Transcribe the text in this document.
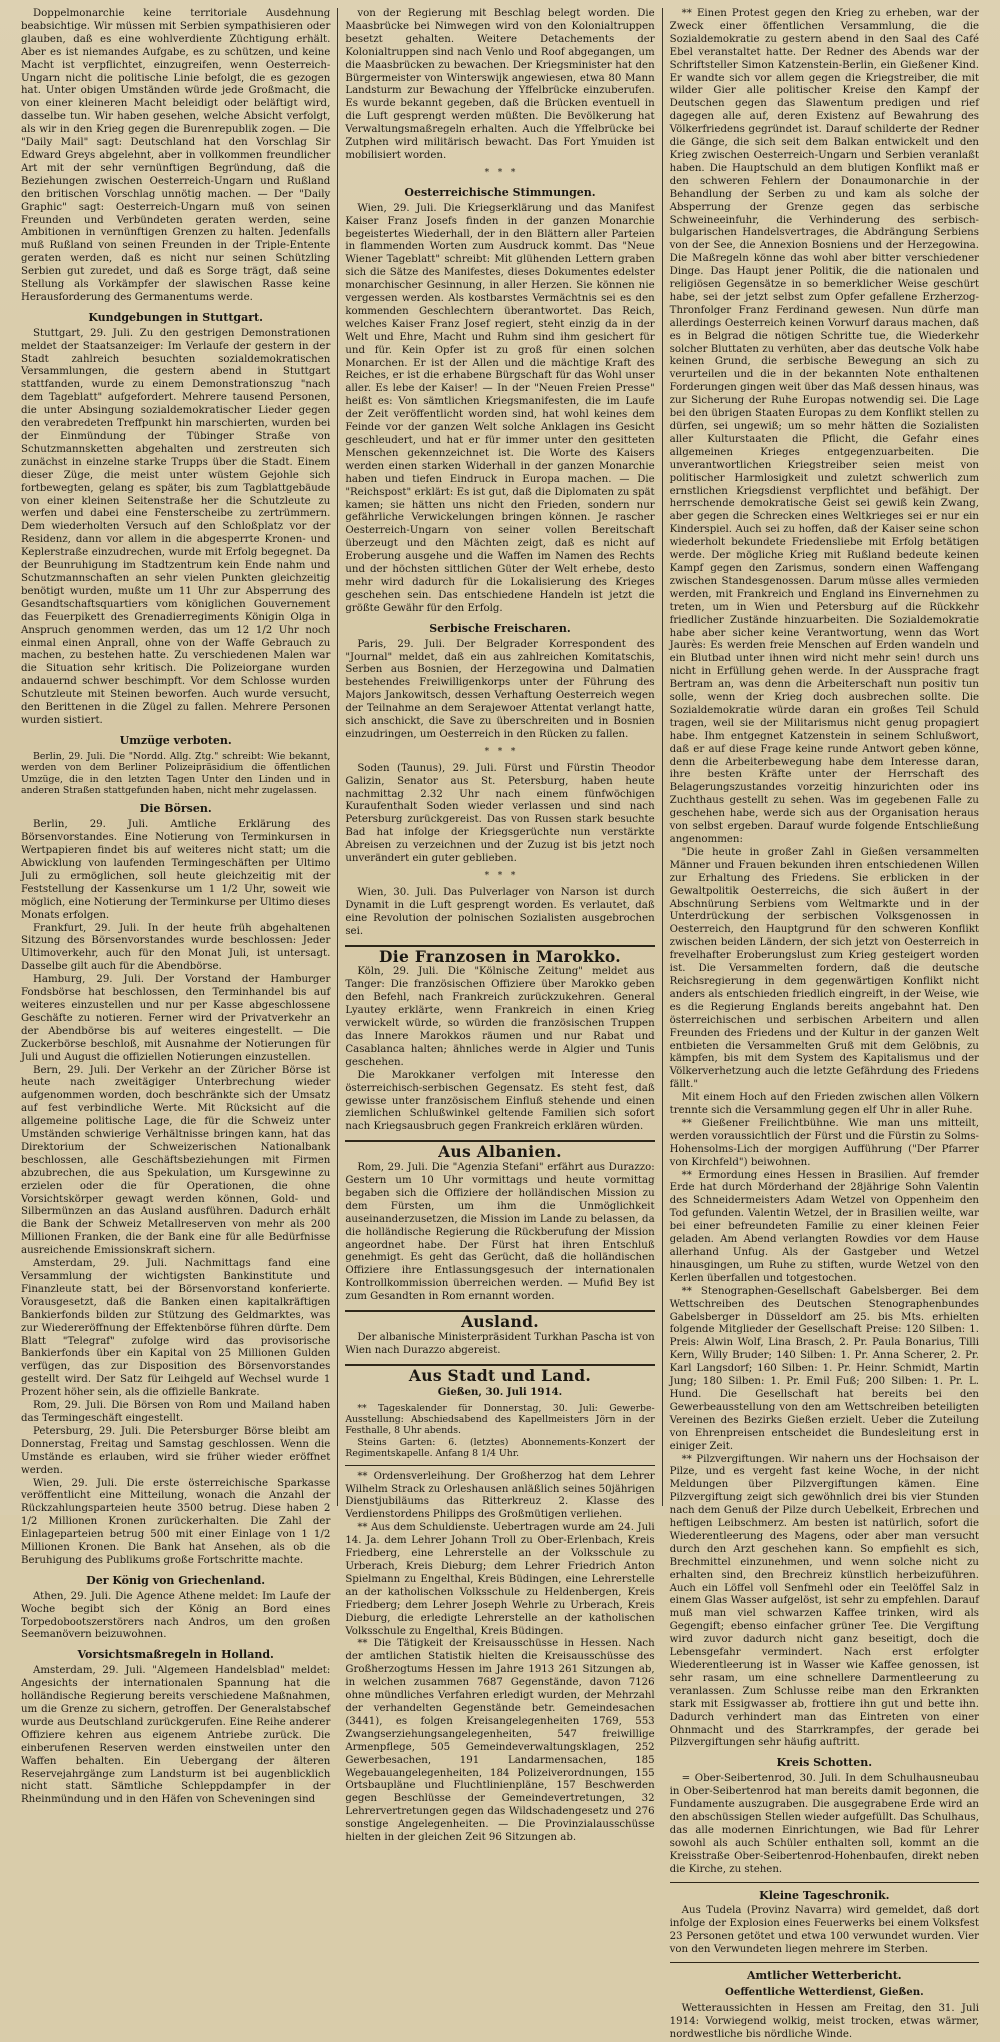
Doppelmonarchie keine territoriale Ausdehnung beabsichtige. Wir müssen mit Serbien sympathisieren oder glauben, daß es eine wohlverdiente Züchtigung erhält. Aber es ist niemandes Aufgabe, es zu schützen, und keine Macht ist verpflichtet, einzugreifen, wenn Oesterreich-Ungarn nicht die politische Linie befolgt, die es gezogen hat. Unter obigen Umständen würde jede Großmacht, die von einer kleineren Macht beleidigt oder beläftigt wird, dasselbe tun. Wir haben gesehen, welche Absicht verfolgt, als wir in den Krieg gegen die Burenrepublik zogen. — Die "Daily Mail" sagt: Deutschland hat den Vorschlag Sir Edward Greys abgelehnt, aber in vollkommen freundlicher Art mit der sehr vernünftigen Begründung, daß die Beziehungen zwischen Oesterreich-Ungarn und Rußland den britischen Vorschlag unnötig machen. — Der "Daily Graphic" sagt: Oesterreich-Ungarn muß von seinen Freunden und Verbündeten geraten werden, seine Ambitionen in vernünftigen Grenzen zu halten. Jedenfalls muß Rußland von seinen Freunden in der Triple-Entente geraten werden, daß es nicht nur seinen Schützling Serbien gut zuredet, und daß es Sorge trägt, daß seine Stellung als Vorkämpfer der slawischen Rasse keine Herausforderung des Germanentums werde.

Kundgebungen in Stuttgart.

Stuttgart, 29. Juli. Zu den gestrigen Demonstrationen meldet der Staatsanzeiger: Im Verlaufe der gestern in der Stadt zahlreich besuchten sozialdemokratischen Versammlungen, die gestern abend in Stuttgart stattfanden, wurde zu einem Demonstrationszug "nach dem Tageblatt" aufgefordert. Mehrere tausend Personen, die unter Absingung sozialdemokratischer Lieder gegen den verabredeten Treffpunkt hin marschierten, wurden bei der Einmündung der Tübinger Straße von Schutzmannsketten abgehalten und zerstreuten sich zunächst in einzelne starke Trupps über die Stadt. Einem dieser Züge, die meist unter wüstem Gejohle sich fortbewegten, gelang es später, bis zum Tagblattgebäude von einer kleinen Seitenstraße her die Schutzleute zu werfen und dabei eine Fensterscheibe zu zertrümmern. Dem wiederholten Versuch auf den Schloßplatz vor der Residenz, dann vor allem in die abgesperrte Kronen- und Keplerstraße einzudrechen, wurde mit Erfolg begegnet. Da der Beunruhigung im Stadtzentrum kein Ende nahm und Schutzmannschaften an sehr vielen Punkten gleichzeitig benötigt wurden, mußte um 11 Uhr zur Absperrung des Gesandtschaftsquartiers vom königlichen Gouvernement das Feuerpikett des Grenadierregiments Königin Olga in Anspruch genommen werden, das um 12 1/2 Uhr noch einmal einen Anprall, ohne von der Waffe Gebrauch zu machen, zu bestehen hatte. Zu verschiedenen Malen war die Situation sehr kritisch. Die Polizeiorgane wurden andauernd schwer beschimpft. Vor dem Schlosse wurden Schutzleute mit Steinen beworfen. Auch wurde versucht, den Berittenen in die Zügel zu fallen. Mehrere Personen wurden sistiert.

Umzüge verboten.

Berlin, 29. Juli. Die "Nordd. Allg. Ztg." schreibt: Wie bekannt, werden von dem Berliner Polizeipräsidium die öffentlichen Umzüge, die in den letzten Tagen Unter den Linden und in anderen Straßen stattgefunden haben, nicht mehr zugelassen.

Die Börsen.

Berlin, 29. Juli. Amtliche Erklärung des Börsenvorstandes. Eine Notierung von Terminkursen in Wertpapieren findet bis auf weiteres nicht statt; um die Abwicklung von laufenden Termingeschäften per Ultimo Juli zu ermöglichen, soll heute gleichzeitig mit der Feststellung der Kassenkurse um 1 1/2 Uhr, soweit wie möglich, eine Notierung der Terminkurse per Ultimo dieses Monats erfolgen.

Frankfurt, 29. Juli. In der heute früh abgehaltenen Sitzung des Börsenvorstandes wurde beschlossen: Jeder Ultimoverkehr, auch für den Monat Juli, ist untersagt. Dasselbe gilt auch für die Abendbörse.

Hamburg, 29. Juli. Der Vorstand der Hamburger Fondsbörse hat beschlossen, den Terminhandel bis auf weiteres einzustellen und nur per Kasse abgeschlossene Geschäfte zu notieren. Ferner wird der Privatverkehr an der Abendbörse bis auf weiteres eingestellt. — Die Zuckerbörse beschloß, mit Ausnahme der Notierungen für Juli und August die offiziellen Notierungen einzustellen.

Bern, 29. Juli. Der Verkehr an der Züricher Börse ist heute nach zweitägiger Unterbrechung wieder aufgenommen worden, doch beschränkte sich der Umsatz auf fest verbindliche Werte. Mit Rücksicht auf die allgemeine politische Lage, die für die Schweiz unter Umständen schwierige Verhältnisse bringen kann, hat das Direktorium der Schweizerischen Nationalbank beschlossen, alle Geschäftsbeziehungen mit Firmen abzubrechen, die aus Spekulation, um Kursgewinne zu erzielen oder die für Operationen, die ohne Vorsichtskörper gewagt werden können, Gold- und Silbermünzen an das Ausland ausführen. Dadurch erhält die Bank der Schweiz Metallreserven von mehr als 200 Millionen Franken, die der Bank eine für alle Bedürfnisse ausreichende Emissionskraft sichern.

Amsterdam, 29. Juli. Nachmittags fand eine Versammlung der wichtigsten Bankinstitute und Finanzleute statt, bei der Börsenvorstand konferierte. Vorausgesetzt, daß die Banken einen kapitalkräftigen Bankierfonds bilden zur Stützung des Geldmarktes, was zur Wiedereröffnung der Effektenbörse führen dürfte. Dem Blatt "Telegraf" zufolge wird das provisorische Bankierfonds über ein Kapital von 25 Millionen Gulden verfügen, das zur Disposition des Börsenvorstandes gestellt wird. Der Satz für Leihgeld auf Wechsel wurde 1 Prozent höher sein, als die offizielle Bankrate.

Rom, 29. Juli. Die Börsen von Rom und Mailand haben das Termingeschäft eingestellt.

Petersburg, 29. Juli. Die Petersburger Börse bleibt am Donnerstag, Freitag und Samstag geschlossen. Wenn die Umstände es erlauben, wird sie früher wieder eröffnet werden.

Wien, 29. Juli. Die erste österreichische Sparkasse veröffentlicht eine Mitteilung, wonach die Anzahl der Rückzahlungsparteien heute 3500 betrug. Diese haben 2 1/2 Millionen Kronen zurückerhalten. Die Zahl der Einlageparteien betrug 500 mit einer Einlage von 1 1/2 Millionen Kronen. Die Bank hat Ansehen, als ob die Beruhigung des Publikums große Fortschritte machte.

Der König von Griechenland.

Athen, 29. Juli. Die Agence Athene meldet: Im Laufe der Woche begibt sich der König an Bord eines Torpedobootszerstörers nach Andros, um den großen Seemanövern beizuwohnen.

Vorsichtsmaßregeln in Holland.

Amsterdam, 29. Juli. "Algemeen Handelsblad" meldet: Angesichts der internationalen Spannung hat die holländische Regierung bereits verschiedene Maßnahmen, um die Grenze zu sichern, getroffen. Der Generalstabschef wurde aus Deutschland zurückgerufen. Eine Reihe anderer Offiziere kehren aus eigenem Antriebe zurück. Die einberufenen Reserven werden einstweilen unter den Waffen behalten. Ein Uebergang der älteren Reservejahrgänge zum Landsturm ist bei augenblicklich nicht statt. Sämtliche Schleppdampfer in der Rheinmündung und in den Häfen von Scheveningen sind

von der Regierung mit Beschlag belegt worden. Die Maasbrücke bei Nimwegen wird von den Kolonialtruppen besetzt gehalten. Weitere Detachements der Kolonialtruppen sind nach Venlo und Roof abgegangen, um die Maasbrücken zu bewachen. Der Kriegsminister hat den Bürgermeister von Winterswijk angewiesen, etwa 80 Mann Landsturm zur Bewachung der Yffelbrücke einzuberufen. Es wurde bekannt gegeben, daß die Brücken eventuell in die Luft gesprengt werden müßten. Die Bevölkerung hat Verwaltungsmaßregeln erhalten. Auch die Yffelbrücke bei Zutphen wird militärisch bewacht. Das Fort Ymuiden ist mobilisiert worden.

*   *   *
Oesterreichische Stimmungen.

Wien, 29. Juli. Die Kriegserklärung und das Manifest Kaiser Franz Josefs finden in der ganzen Monarchie begeistertes Wiederhall, der in den Blättern aller Parteien in flammenden Worten zum Ausdruck kommt. Das "Neue Wiener Tageblatt" schreibt: Mit glühenden Lettern graben sich die Sätze des Manifestes, dieses Dokumentes edelster monarchischer Gesinnung, in aller Herzen. Sie können nie vergessen werden. Als kostbarstes Vermächtnis sei es den kommenden Geschlechtern überantwortet. Das Reich, welches Kaiser Franz Josef regiert, steht einzig da in der Welt und Ehre, Macht und Ruhm sind ihm gesichert für und für. Kein Opfer ist zu groß für einen solchen Monarchen. Er ist der Allen und die mächtige Kraft des Reiches, er ist die erhabene Bürgschaft für das Wohl unser aller. Es lebe der Kaiser! — In der "Neuen Freien Presse" heißt es: Von sämtlichen Kriegsmanifesten, die im Laufe der Zeit veröffentlicht worden sind, hat wohl keines dem Feinde vor der ganzen Welt solche Anklagen ins Gesicht geschleudert, und hat er für immer unter den gesitteten Menschen gekennzeichnet ist. Die Worte des Kaisers werden einen starken Widerhall in der ganzen Monarchie haben und tiefen Eindruck in Europa machen. — Die "Reichspost" erklärt: Es ist gut, daß die Diplomaten zu spät kamen; sie hätten uns nicht den Frieden, sondern nur gefährliche Verwickelungen bringen können. Je rascher Oesterreich-Ungarn von seiner vollen Bereitschaft überzeugt und den Mächten zeigt, daß es nicht auf Eroberung ausgehe und die Waffen im Namen des Rechts und der höchsten sittlichen Güter der Welt erhebe, desto mehr wird dadurch für die Lokalisierung des Krieges geschehen sein. Das entschiedene Handeln ist jetzt die größte Gewähr für den Erfolg.

Serbische Freischaren.

Paris, 29. Juli. Der Belgrader Korrespondent des "Journal" meldet, daß ein aus zahlreichen Komitatschis, Serben aus Bosnien, der Herzegowina und Dalmatien bestehendes Freiwilligenkorps unter der Führung des Majors Jankowitsch, dessen Verhaftung Oesterreich wegen der Teilnahme an dem Serajewoer Attentat verlangt hatte, sich anschickt, die Save zu überschreiten und in Bosnien einzudringen, um Oesterreich in den Rücken zu fallen.

*   *   *

Soden (Taunus), 29. Juli. Fürst und Fürstin Theodor Galizin, Senator aus St. Petersburg, haben heute nachmittag 2.32 Uhr nach einem fünfwöchigen Kuraufenthalt Soden wieder verlassen und sind nach Petersburg zurückgereist. Das von Russen stark besuchte Bad hat infolge der Kriegsgerüchte nun verstärkte Abreisen zu verzeichnen und der Zuzug ist bis jetzt noch unverändert ein guter geblieben.

*   *   *

Wien, 30. Juli. Das Pulverlager von Narson ist durch Dynamit in die Luft gesprengt worden. Es verlautet, daß eine Revolution der polnischen Sozialisten ausgebrochen sei.

Die Franzosen in Marokko.

Köln, 29. Juli. Die "Kölnische Zeitung" meldet aus Tanger: Die französischen Offiziere über Marokko geben den Befehl, nach Frankreich zurückzukehren. General Lyautey erklärte, wenn Frankreich in einen Krieg verwickelt würde, so würden die französischen Truppen das Innere Marokkos räumen und nur Rabat und Casablanca halten; ähnliches werde in Algier und Tunis geschehen.

Die Marokkaner verfolgen mit Interesse den österreichisch-serbischen Gegensatz. Es steht fest, daß gewisse unter französischem Einfluß stehende und einen ziemlichen Schlußwinkel geltende Familien sich sofort nach Kriegsausbruch gegen Frankreich erklären würden.

Aus Albanien.

Rom, 29. Juli. Die "Agenzia Stefani" erfährt aus Durazzo: Gestern um 10 Uhr vormittags und heute vormittag begaben sich die Offiziere der holländischen Mission zu dem Fürsten, um ihm die Unmöglichkeit auseinanderzusetzen, die Mission im Lande zu belassen, da die holländische Regierung die Rückberufung der Mission angeordnet habe. Der Fürst hat ihren Entschluß genehmigt. Es geht das Gerücht, daß die holländischen Offiziere ihre Entlassungsgesuch der internationalen Kontrollkommission überreichen werden. — Mufid Bey ist zum Gesandten in Rom ernannt worden.

Ausland.

Der albanische Ministerpräsident Turkhan Pascha ist von Wien nach Durazzo abgereist.

Aus Stadt und Land.
Gießen, 30. Juli 1914.

** Tageskalender für Donnerstag, 30. Juli: Gewerbe-Ausstellung: Abschiedsabend des Kapellmeisters Jörn in der Festhalle, 8 Uhr abends.

Steins Garten: 6. (letztes) Abonnements-Konzert der Regimentskapelle. Anfang 8 1/4 Uhr.

** Ordensverleihung. Der Großherzog hat dem Lehrer Wilhelm Strack zu Orleshausen anläßlich seines 50jährigen Dienstjubiläums das Ritterkreuz 2. Klasse des Verdienstordens Philipps des Großmütigen verliehen.

** Aus dem Schuldienste. Uebertragen wurde am 24. Juli 14. Ja. dem Lehrer Johann Troll zu Ober-Erlenbach, Kreis Friedberg, eine Lehrerstelle an der Volksschule zu Urberach, Kreis Dieburg; dem Lehrer Friedrich Anton Spielmann zu Engelthal, Kreis Büdingen, eine Lehrerstelle an der katholischen Volksschule zu Heldenbergen, Kreis Friedberg; dem Lehrer Joseph Wehrle zu Urberach, Kreis Dieburg, die erledigte Lehrerstelle an der katholischen Volksschule zu Engelthal, Kreis Büdingen.

** Die Tätigkeit der Kreisausschüsse in Hessen. Nach der amtlichen Statistik hielten die Kreisausschüsse des Großherzogtums Hessen im Jahre 1913 261 Sitzungen ab, in welchen zusammen 7687 Gegenstände, davon 7126 ohne mündliches Verfahren erledigt wurden, der Mehrzahl der verhandelten Gegenstände betr. Gemeindesachen (3441), es folgen Kreisangelegenheiten 1769, 553 Zwangserziehungsangelegenheiten, 547 freiwillige Armenpflege, 505 Gemeindeverwaltungsklagen, 252 Gewerbesachen, 191 Landarmensachen, 185 Wegebauangelegenheiten, 184 Polizeiverordnungen, 155 Ortsbaupläne und Fluchtlinienpläne, 157 Beschwerden gegen Beschlüsse der Gemeindevertretungen, 32 Lehrervertretungen gegen das Wildschadengesetz und 276 sonstige Angelegenheiten. — Die Provinzialausschüsse hielten in der gleichen Zeit 96 Sitzungen ab.

** Einen Protest gegen den Krieg zu erheben, war der Zweck einer öffentlichen Versammlung, die die Sozialdemokratie zu gestern abend in den Saal des Café Ebel veranstaltet hatte. Der Redner des Abends war der Schriftsteller Simon Katzenstein-Berlin, ein Gießener Kind. Er wandte sich vor allem gegen die Kriegstreiber, die mit wilder Gier alle politischer Kreise den Kampf der Deutschen gegen das Slawentum predigen und rief dagegen alle auf, deren Existenz auf Bewahrung des Völkerfriedens gegründet ist. Darauf schilderte der Redner die Gänge, die sich seit dem Balkan entwickelt und den Krieg zwischen Oesterreich-Ungarn und Serbien veranlaßt haben. Die Hauptschuld an dem blutigen Konflikt maß er den schweren Fehlern der Donaumonarchie in der Behandlung der Serben zu und kam als solche der Absperrung der Grenze gegen das serbische Schweineeinfuhr, die Verhinderung des serbisch-bulgarischen Handelsvertrages, die Abdrängung Serbiens von der See, die Annexion Bosniens und der Herzegowina. Die Maßregeln könne das wohl aber bitter verschiedener Dinge. Das Haupt jener Politik, die die nationalen und religiösen Gegensätze in so bemerklicher Weise geschürt habe, sei der jetzt selbst zum Opfer gefallene Erzherzog-Thronfolger Franz Ferdinand gewesen. Nun dürfe man allerdings Oesterreich keinen Vorwurf daraus machen, daß es in Belgrad die nötigen Schritte tue, die Wiederkehr solcher Bluttaten zu verhüten, aber das deutsche Volk habe keinen Grund, die serbische Bewegung an sich zu verurteilen und die in der bekannten Note enthaltenen Forderungen gingen weit über das Maß dessen hinaus, was zur Sicherung der Ruhe Europas notwendig sei. Die Lage bei den übrigen Staaten Europas zu dem Konflikt stellen zu dürfen, sei ungewiß; um so mehr hätten die Sozialisten aller Kulturstaaten die Pflicht, die Gefahr eines allgemeinen Krieges entgegenzuarbeiten. Die unverantwortlichen Kriegstreiber seien meist von politischer Harmlosigkeit und zuletzt schwerlich zum ernstlichen Kriegsdienst verpflichtet und befähigt. Der herrschende demokratische Geist sei gewiß kein Zwang, aber gegen die Schrecken eines Weltkrieges sei er nur ein Kinderspiel. Auch sei zu hoffen, daß der Kaiser seine schon wiederholt bekundete Friedensliebe mit Erfolg betätigen werde. Der mögliche Krieg mit Rußland bedeute keinen Kampf gegen den Zarismus, sondern einen Waffengang zwischen Standesgenossen. Darum müsse alles vermieden werden, mit Frankreich und England ins Einvernehmen zu treten, um in Wien und Petersburg auf die Rückkehr friedlicher Zustände hinzuarbeiten. Die Sozialdemokratie habe aber sicher keine Verantwortung, wenn das Wort Jaurès: Es werden freie Menschen auf Erden wandeln und ein Blutbad unter ihnen wird nicht mehr sein! durch uns nicht in Erfüllung gehen werde. In der Aussprache fragt Bertram an, was denn die Arbeiterschaft nun positiv tun solle, wenn der Krieg doch ausbrechen sollte. Die Sozialdemokratie würde daran ein großes Teil Schuld tragen, weil sie der Militarismus nicht genug propagiert habe. Ihm entgegnet Katzenstein in seinem Schlußwort, daß er auf diese Frage keine runde Antwort geben könne, denn die Arbeiterbewegung habe dem Interesse daran, ihre besten Kräfte unter der Herrschaft des Belagerungszustandes vorzeitig hinzurichten oder ins Zuchthaus gestellt zu sehen. Was im gegebenen Falle zu geschehen habe, werde sich aus der Organisation heraus von selbst ergeben. Darauf wurde folgende Entschließung angenommen:

"Die heute in großer Zahl in Gießen versammelten Männer und Frauen bekunden ihren entschiedenen Willen zur Erhaltung des Friedens. Sie erblicken in der Gewaltpolitik Oesterreichs, die sich äußert in der Abschnürung Serbiens vom Weltmarkte und in der Unterdrückung der serbischen Volksgenossen in Oesterreich, den Hauptgrund für den schweren Konflikt zwischen beiden Ländern, der sich jetzt von Oesterreich in frevelhafter Eroberungslust zum Krieg gesteigert worden ist. Die Versammelten fordern, daß die deutsche Reichsregierung in dem gegenwärtigen Konflikt nicht anders als entschieden friedlich eingreift, in der Weise, wie es die Regierung Englands bereits angebahnt hat. Den österreichischen und serbischen Arbeitern und allen Freunden des Friedens und der Kultur in der ganzen Welt entbieten die Versammelten Gruß mit dem Gelöbnis, zu kämpfen, bis mit dem System des Kapitalismus und der Völkerverhetzung auch die letzte Gefährdung des Friedens fällt."

Mit einem Hoch auf den Frieden zwischen allen Völkern trennte sich die Versammlung gegen elf Uhr in aller Ruhe.

** Gießener Freilichtbühne. Wie man uns mitteilt, werden voraussichtlich der Fürst und die Fürstin zu Solms-Hohensolms-Lich der morgigen Aufführung ("Der Pfarrer von Kirchfeld") beiwohnen.

** Ermordung eines Hessen in Brasilien. Auf fremder Erde hat durch Mörderhand der 28jährige Sohn Valentin des Schneidermeisters Adam Wetzel von Oppenheim den Tod gefunden. Valentin Wetzel, der in Brasilien weilte, war bei einer befreundeten Familie zu einer kleinen Feier geladen. Am Abend verlangten Rowdies vor dem Hause allerhand Unfug. Als der Gastgeber und Wetzel hinausgingen, um Ruhe zu stiften, wurde Wetzel von den Kerlen überfallen und totgestochen.

** Stenographen-Gesellschaft Gabelsberger. Bei dem Wettschreiben des Deutschen Stenographenbundes Gabelsberger in Düsseldorf am 25. bis Mts. erhielten folgende Mitglieder der Gesellschaft Preise: 120 Silben: 1. Preis: Alwin Wolf, Lina Brasch, 2. Pr. Paula Bonarius, Tilli Kern, Willy Bruder; 140 Silben: 1. Pr. Anna Scherer, 2. Pr. Karl Langsdorf; 160 Silben: 1. Pr. Heinr. Schmidt, Martin Jung; 180 Silben: 1. Pr. Emil Fuß; 200 Silben: 1. Pr. L. Hund. Die Gesellschaft hat bereits bei den Gewerbeausstellung von den am Wettschreiben beteiligten Vereinen des Bezirks Gießen erzielt. Ueber die Zuteilung von Ehrenpreisen entscheidet die Bundesleitung erst in einiger Zeit.

** Pilzvergiftungen. Wir nahern uns der Hochsaison der Pilze, und es vergeht fast keine Woche, in der nicht Meldungen über Pilzvergiftungen kämen. Eine Pilzvergiftung zeigt sich gewöhnlich drei bis vier Stunden nach dem Genuß der Pilze durch Uebelkeit, Erbrechen und heftigen Leibschmerz. Am besten ist natürlich, sofort die Wiederentleerung des Magens, oder aber man versucht durch den Arzt geschehen kann. So empfiehlt es sich, Brechmittel einzunehmen, und wenn solche nicht zu erhalten sind, den Brechreiz künstlich herbeizuführen. Auch ein Löffel voll Senfmehl oder ein Teelöffel Salz in einem Glas Wasser aufgelöst, ist sehr zu empfehlen. Darauf muß man viel schwarzen Kaffee trinken, wird als Gegengift; ebenso einfacher grüner Tee. Die Vergiftung wird zuvor dadurch nicht ganz beseitigt, doch die Lebensgefahr vermindert. Nach erst erfolgter Wiederentleerung ist in Wasser wie Kaffee genossen, ist sehr rasam, um eine schnellere Darmentleerung zu veranlassen. Zum Schlusse reibe man den Erkrankten stark mit Essigwasser ab, frottiere ihn gut und bette ihn. Dadurch verhindert man das Eintreten von einer Ohnmacht und des Starrkrampfes, der gerade bei Pilzvergiftungen sehr häufig auftritt.

Kreis Schotten.

= Ober-Seibertenrod, 30. Juli. In dem Schulhausneubau in Ober-Seibertenrod hat man bereits damit begonnen, die Fundamente auszugraben. Die ausgegrabene Erde wird an den abschüssigen Stellen wieder aufgefüllt. Das Schulhaus, das alle modernen Einrichtungen, wie Bad für Lehrer sowohl als auch Schüler enthalten soll, kommt an die Kreisstraße Ober-Seibertenrod-Hohenbaufen, direkt neben die Kirche, zu stehen.

Kleine Tageschronik.

Aus Tudela (Provinz Navarra) wird gemeldet, daß dort infolge der Explosion eines Feuerwerks bei einem Volksfest 23 Personen getötet und etwa 100 verwundet wurden. Vier von den Verwundeten liegen mehrere im Sterben.

Amtlicher Wetterbericht.
Oeffentliche Wetterdienst, Gießen.

Wetteraussichten in Hessen am Freitag, den 31. Juli 1914: Vorwiegend wolkig, meist trocken, etwas wärmer, nordwestliche bis nördliche Winde.
